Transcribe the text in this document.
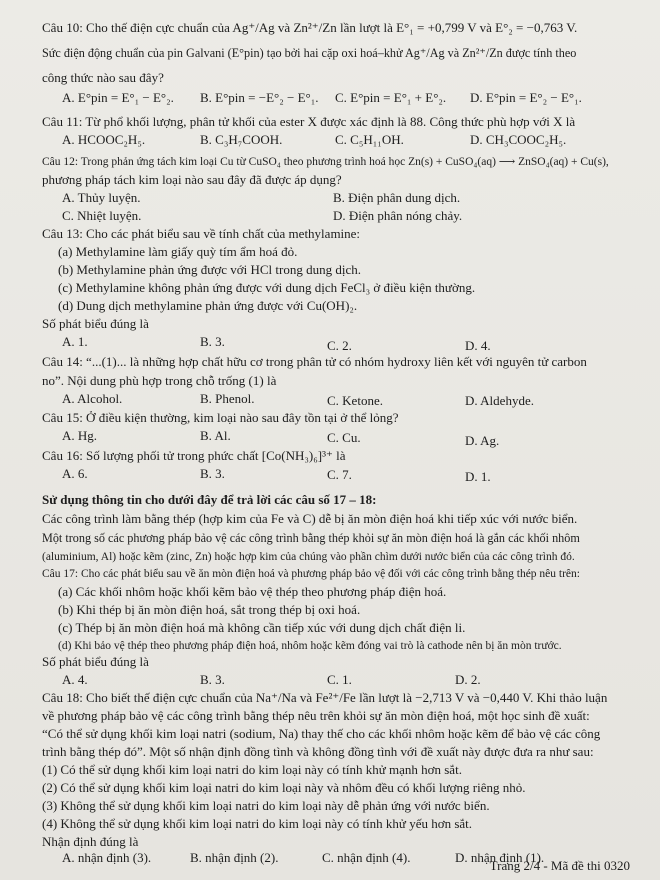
Câu 10: Cho thế điện cực chuẩn của Ag⁺/Ag và Zn²⁺/Zn lần lượt là E°₁ = +0,799 V và E°₂ = −0,763 V.
Sức điện động chuẩn của pin Galvani (E°pin) tạo bởi hai cặp oxi hoá–khử Ag⁺/Ag và Zn²⁺/Zn được tính theo
công thức nào sau đây?
A. E°pin = E°₁ − E°₂. B. E°pin = −E°₂ − E°₁. C. E°pin = E°₁ + E°₂. D. E°pin = E°₂ − E°₁.
Câu 11: Từ phổ khối lượng, phân tử khối của ester X được xác định là 88. Công thức phù hợp với X là
A. HCOOC₂H₅.	B. C₃H₇COOH.	C. C₅H₁₁OH.	D. CH₃COOC₂H₅.
Câu 12: Trong phản ứng tách kim loại Cu từ CuSO₄ theo phương trình hoá học Zn(s) + CuSO₄(aq) ⟶ ZnSO₄(aq) + Cu(s),
phương pháp tách kim loại nào sau đây đã được áp dụng?
A. Thủy luyện.	B. Điện phân dung dịch.
C. Nhiệt luyện.	D. Điện phân nóng chảy.
Câu 13: Cho các phát biểu sau về tính chất của methylamine:
(a) Methylamine làm giấy quỳ tím ẩm hoá đỏ.
(b) Methylamine phản ứng được với HCl trong dung dịch.
(c) Methylamine không phản ứng được với dung dịch FeCl₃ ở điều kiện thường.
(d) Dung dịch methylamine phản ứng được với Cu(OH)₂.
Số phát biểu đúng là
A. 1.	B. 3.	C. 2.	D. 4.
Câu 14: “...(1)... là những hợp chất hữu cơ trong phân tử có nhóm hydroxy liên kết với nguyên tử carbon
no”. Nội dung phù hợp trong chỗ trống (1) là
A. Alcohol.	B. Phenol.	C. Ketone.	D. Aldehyde.
Câu 15: Ở điều kiện thường, kim loại nào sau đây tồn tại ở thể lỏng?
A. Hg.	B. Al.	C. Cu.	D. Ag.
Câu 16: Số lượng phối tử trong phức chất [Co(NH₃)₆]³⁺ là
A. 6.	B. 3.	C. 7.	D. 1.
Sử dụng thông tin cho dưới đây để trả lời các câu số 17 – 18:
Các công trình làm bằng thép (hợp kim của Fe và C) dễ bị ăn mòn điện hoá khi tiếp xúc với nước biển.
Một trong số các phương pháp bảo vệ các công trình bằng thép khỏi sự ăn mòn điện hoá là gắn các khối nhôm
(aluminium, Al) hoặc kẽm (zinc, Zn) hoặc hợp kim của chúng vào phần chìm dưới nước biển của các công trình đó.
Câu 17: Cho các phát biểu sau về ăn mòn điện hoá và phương pháp bảo vệ đối với các công trình bằng thép nêu trên:
(a) Các khối nhôm hoặc khối kẽm bảo vệ thép theo phương pháp điện hoá.
(b) Khi thép bị ăn mòn điện hoá, sắt trong thép bị oxi hoá.
(c) Thép bị ăn mòn điện hoá mà không cần tiếp xúc với dung dịch chất điện li.
(d) Khi bảo vệ thép theo phương pháp điện hoá, nhôm hoặc kẽm đóng vai trò là cathode nên bị ăn mòn trước.
Số phát biểu đúng là
A. 4.	B. 3.	C. 1.	D. 2.
Câu 18: Cho biết thế điện cực chuẩn của Na⁺/Na và Fe²⁺/Fe lần lượt là −2,713 V và −0,440 V. Khi thảo luận
về phương pháp bảo vệ các công trình bằng thép nêu trên khỏi sự ăn mòn điện hoá, một học sinh đề xuất:
“Có thể sử dụng khối kim loại natri (sodium, Na) thay thế cho các khối nhôm hoặc kẽm để bảo vệ các công
trình bằng thép đó”. Một số nhận định đồng tình và không đồng tình với đề xuất này được đưa ra như sau:
(1) Có thể sử dụng khối kim loại natri do kim loại này có tính khử mạnh hơn sắt.
(2) Có thể sử dụng khối kim loại natri do kim loại này và nhôm đều có khối lượng riêng nhỏ.
(3) Không thể sử dụng khối kim loại natri do kim loại này dễ phản ứng với nước biển.
(4) Không thể sử dụng khối kim loại natri do kim loại này có tính khử yếu hơn sắt.
Nhận định đúng là
A. nhận định (3).	B. nhận định (2).	C. nhận định (4).	D. nhận định (1).
Trang 2/4 - Mã đề thi 0320
